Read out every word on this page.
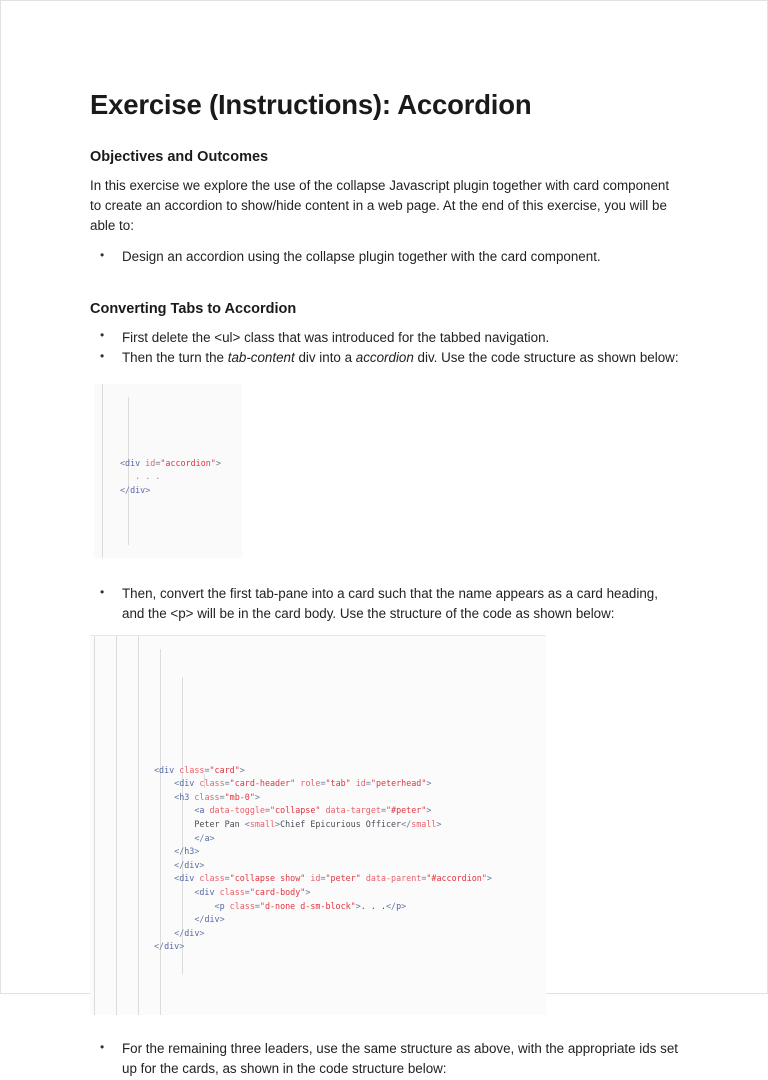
Exercise (Instructions): Accordion
Objectives and Outcomes

In this exercise we explore the use of the collapse Javascript plugin together with card component to create an accordion to show/hide content in a web page. At the end of this exercise, you will be able to:

• Design an accordion using the collapse plugin together with the card component.
Converting Tabs to Accordion
• First delete the <ul> class that was introduced for the tabbed navigation.
• Then the turn the tab-content div into a accordion div. Use the code structure as shown below:

<div id="accordion">
. . .
</div>

• Then, convert the first tab-pane into a card such that the name appears as a card heading, and the <p> will be in the card body. Use the structure of the code as shown below:

<div class="card">
<div class="card-header" role="tab" id="peterhead">
<h3 class="mb-0">
<a data-toggle="collapse" data-target="#peter">
Peter Pan <small>Chief Epicurious Officer</small>
</a>
</h3>
</div>
<div class="collapse show" id="peter" data-parent="#accordion">
<div class="card-body">
<p class="d-none d-sm-block">. . .</p>
</div>
</div>
</div>

• For the remaining three leaders, use the same structure as above, with the appropriate ids set up for the cards, as shown in the code structure below:
